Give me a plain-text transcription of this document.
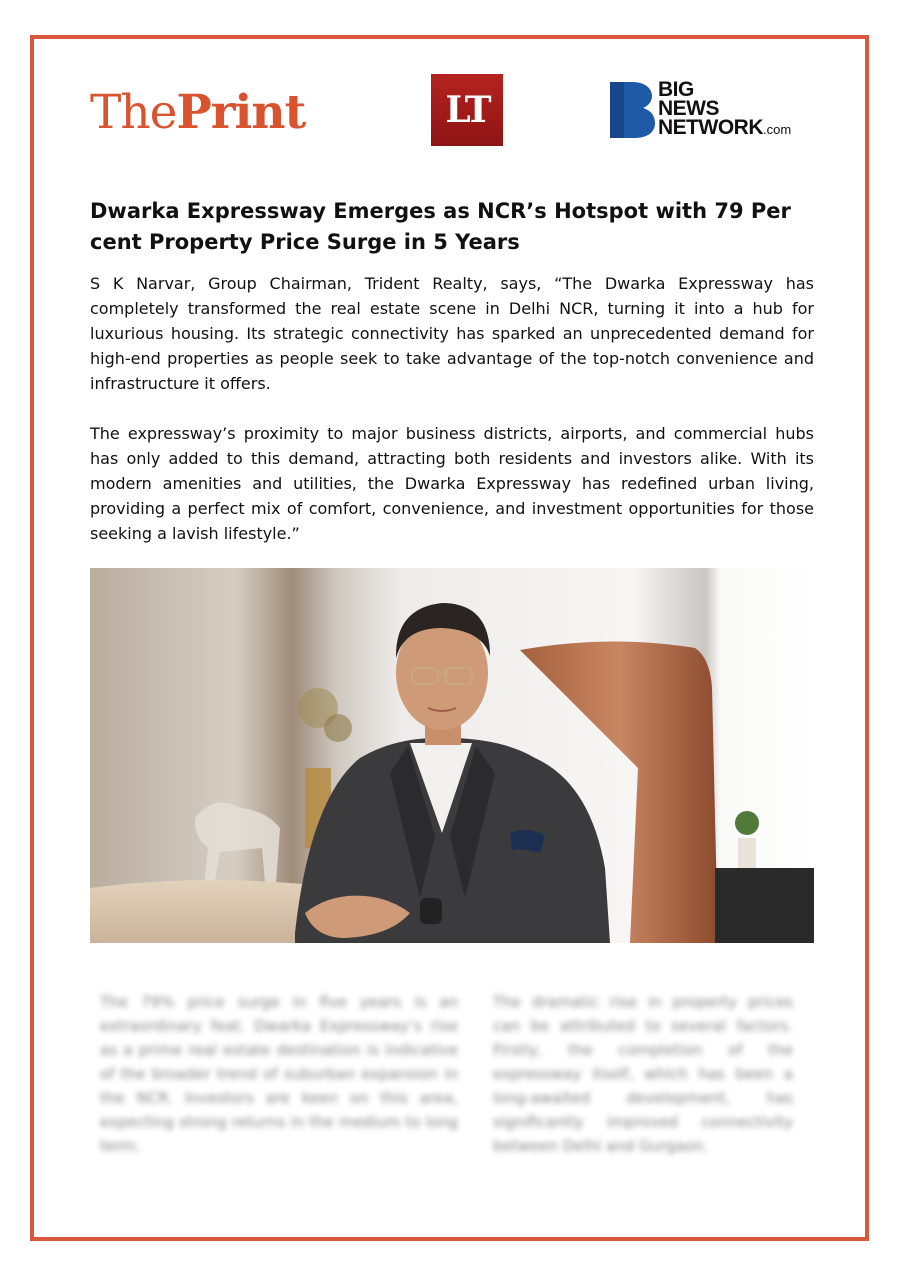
ThePrint	LT	BIG
NEWS
NETWORK.com
Dwarka Expressway Emerges as NCR’s Hotspot with 79 Per cent Property Price Surge in 5 Years

S K Narvar, Group Chairman, Trident Realty, says, “The Dwarka Expressway has completely transformed the real estate scene in Delhi NCR, turning it into a hub for luxurious housing. Its strategic connectivity has sparked an unprecedented demand for high-end properties as people seek to take advantage of the top-notch convenience and infrastructure it offers.

The expressway’s proximity to major business districts, airports, and commercial hubs has only added to this demand, attracting both residents and investors alike. With its modern amenities and utilities, the Dwarka Expressway has redefined urban living, providing a perfect mix of comfort, convenience, and investment opportunities for those seeking a lavish lifestyle.”

The 79% price surge in five years is an extraordinary feat. Dwarka Expressway’s rise as a prime real estate destination is indicative of the broader trend of suburban expansion in the NCR. Investors are keen on this area, expecting strong returns in the medium to long term.

The dramatic rise in property prices can be attributed to several factors. Firstly, the completion of the expressway itself, which has been a long-awaited development, has significantly improved connectivity between Delhi and Gurgaon.
